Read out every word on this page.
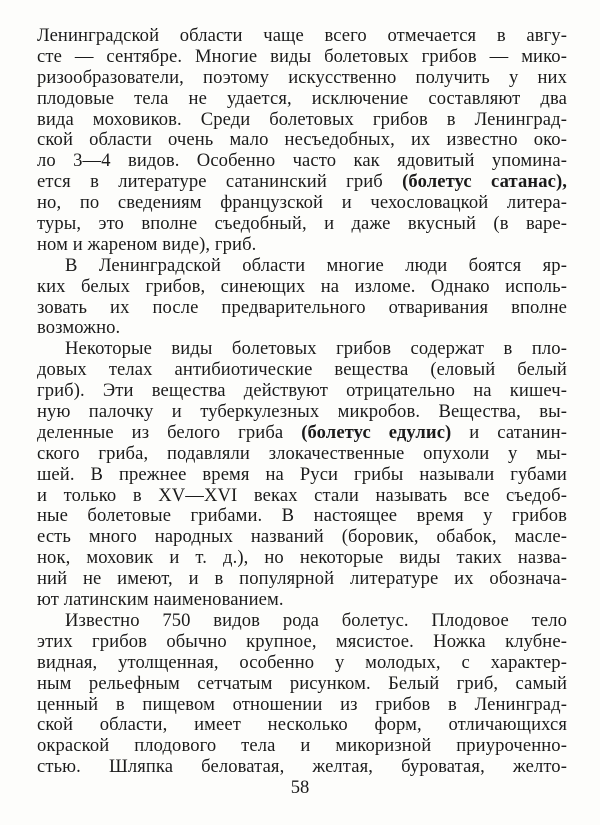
Ленинградской области чаще всего отмечается в авгу-
сте — сентябре. Многие виды болетовых грибов — мико-
ризообразователи, поэтому искусственно получить у них
плодовые тела не удается, исключение составляют два
вида моховиков. Среди болетовых грибов в Ленинград-
ской области очень мало несъедобных, их известно око-
ло 3—4 видов. Особенно часто как ядовитый упомина-
ется в литературе сатанинский гриб (болетус сатанас),
но, по сведениям французской и чехословацкой литера-
туры, это вполне съедобный, и даже вкусный (в варе-
ном и жареном виде), гриб.
В Ленинградской области многие люди боятся яр-
ких белых грибов, синеющих на изломе. Однако исполь-
зовать их после предварительного отваривания вполне
возможно.
Некоторые виды болетовых грибов содержат в пло-
довых телах антибиотические вещества (еловый белый
гриб). Эти вещества действуют отрицательно на кишеч-
ную палочку и туберкулезных микробов. Вещества, вы-
деленные из белого гриба (болетус едулис) и сатанин-
ского гриба, подавляли злокачественные опухоли у мы-
шей. В прежнее время на Руси грибы называли губами
и только в XV—XVI веках стали называть все съедоб-
ные болетовые грибами. В настоящее время у грибов
есть много народных названий (боровик, обабок, масле-
нок, моховик и т. д.), но некоторые виды таких назва-
ний не имеют, и в популярной литературе их обознача-
ют латинским наименованием.
Известно 750 видов рода болетус. Плодовое тело
этих грибов обычно крупное, мясистое. Ножка клубне-
видная, утолщенная, особенно у молодых, с характер-
ным рельефным сетчатым рисунком. Белый гриб, самый
ценный в пищевом отношении из грибов в Ленинград-
ской области, имеет несколько форм, отличающихся
окраской плодового тела и микоризной приуроченно-
стью. Шляпка беловатая, желтая, буроватая, желто-
58
